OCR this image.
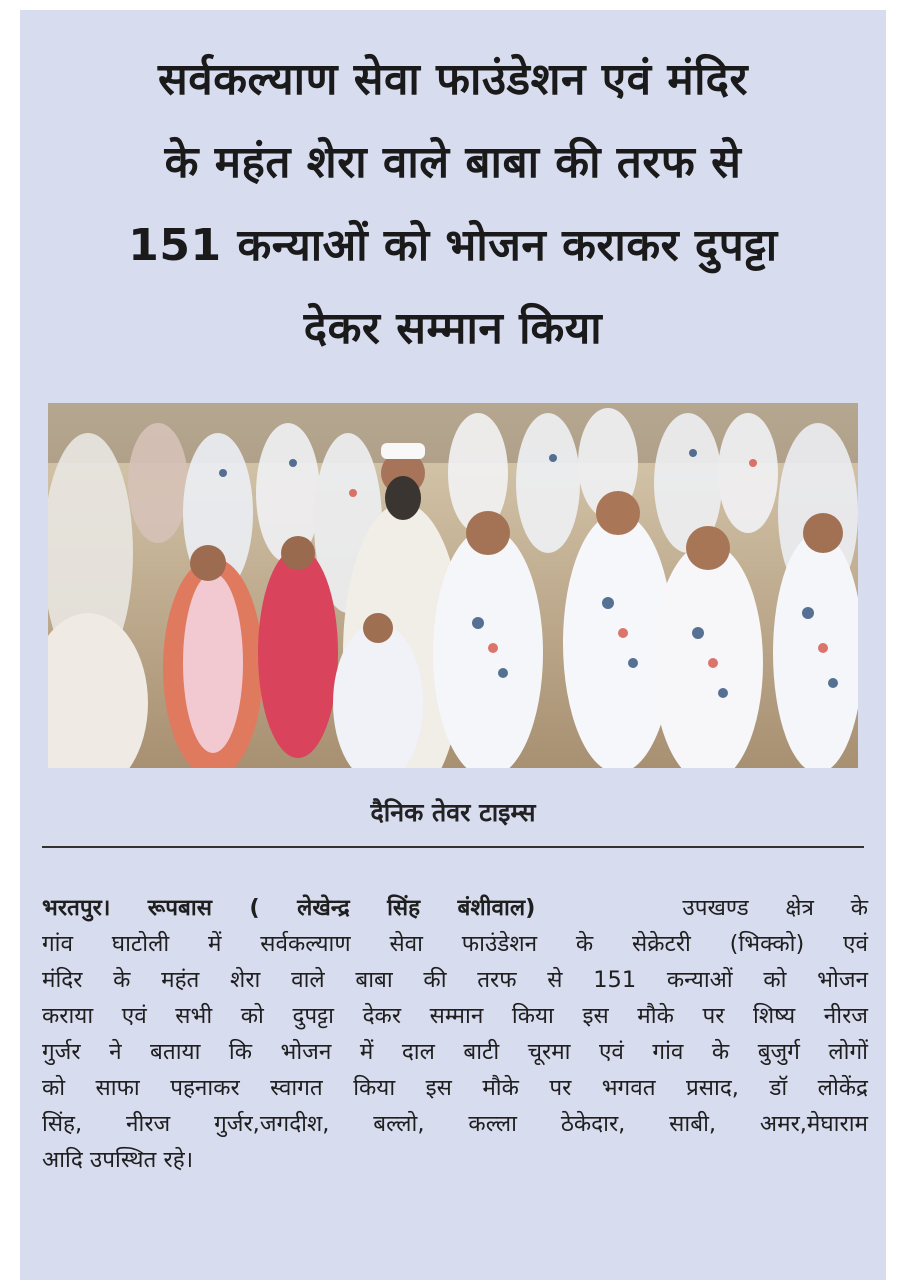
सर्वकल्याण सेवा फाउंडेशन एवं मंदिर
के महंत शेरा वाले बाबा की तरफ से
151 कन्याओं को भोजन कराकर दुपट्टा
देकर सम्मान किया
दैनिक तेवर टाइम्स
भरतपुर। रूपबास ( लेखेन्द्र सिंह बंशीवाल)	उपखण्ड क्षेत्र के
गांव घाटोली में सर्वकल्याण सेवा फाउंडेशन के सेक्रेटरी (भिक्को) एवं
मंदिर के महंत शेरा वाले बाबा की तरफ से 151 कन्याओं को भोजन
कराया एवं सभी को दुपट्टा देकर सम्मान किया इस मौके पर शिष्य नीरज
गुर्जर ने बताया कि भोजन में दाल बाटी चूरमा एवं गांव के बुजुर्ग लोगों
को साफा पहनाकर स्वागत किया इस मौके पर भगवत प्रसाद, डॉ लोकेंद्र
सिंह, नीरज गुर्जर,जगदीश, बल्लो, कल्ला ठेकेदार, साबी, अमर,मेघाराम
आदि उपस्थित रहे।
